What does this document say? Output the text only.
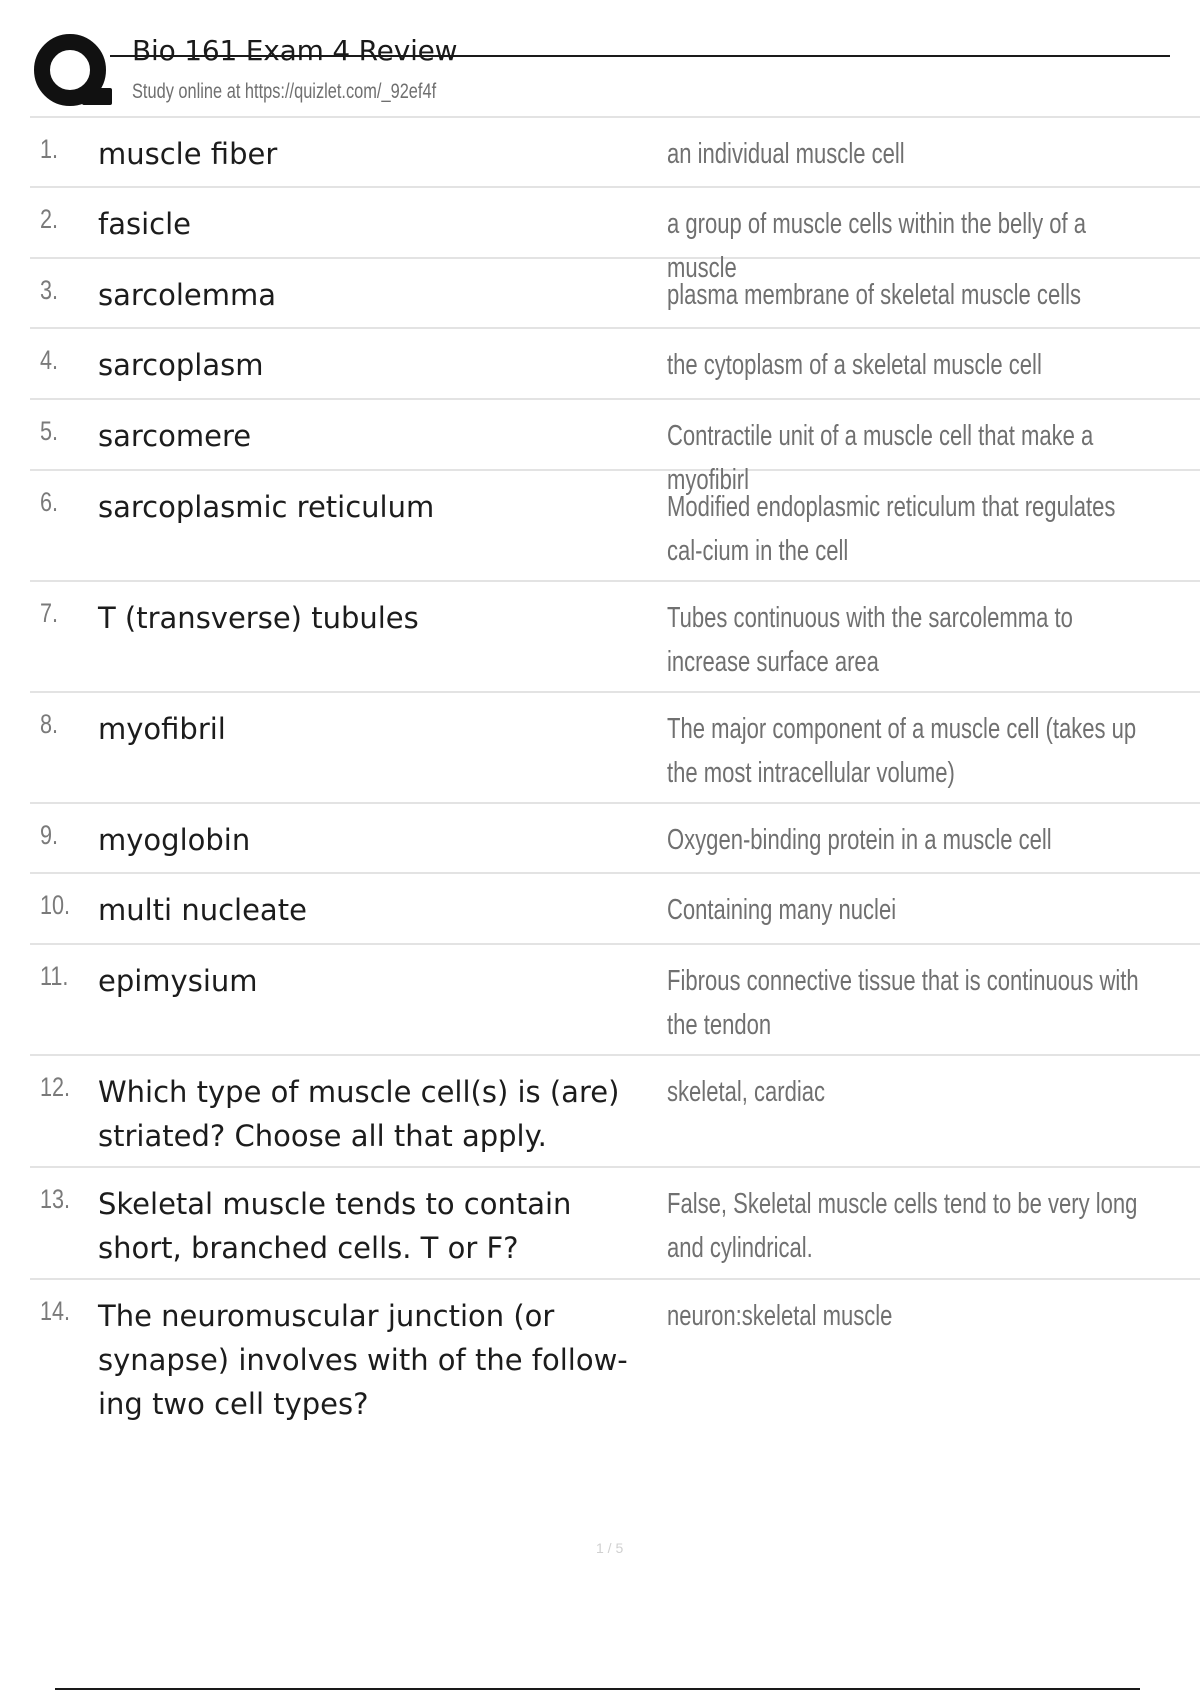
Bio 161 Exam 4 Review
Study online at https://quizlet.com/_92ef4f
1. muscle fiber	an individual muscle cell
2. fasicle	a group of muscle cells within the belly of a muscle
3. sarcolemma	plasma membrane of skeletal muscle cells
4. sarcoplasm	the cytoplasm of a skeletal muscle cell
5. sarcomere	Contractile unit of a muscle cell that make a myofibirl
6. sarcoplasmic reticulum	Modified endoplasmic reticulum that regulates cal-cium in the cell
7. T (transverse) tubules	Tubes continuous with the sarcolemma to increase surface area
8. myofibril	The major component of a muscle cell (takes up the most intracellular volume)
9. myoglobin	Oxygen-binding protein in a muscle cell
10. multi nucleate	Containing many nuclei
11. epimysium	Fibrous connective tissue that is continuous with the tendon
12. Which type of muscle cell(s) is (are) striated? Choose all that apply.
skeletal, cardiac
13. Skeletal muscle tends to contain short, branched cells. T or F?
False, Skeletal muscle cells tend to be very long and cylindrical.
14. The neuromuscular junction (or synapse) involves with of the follow-ing two cell types?
neuron:skeletal muscle
1 / 5
